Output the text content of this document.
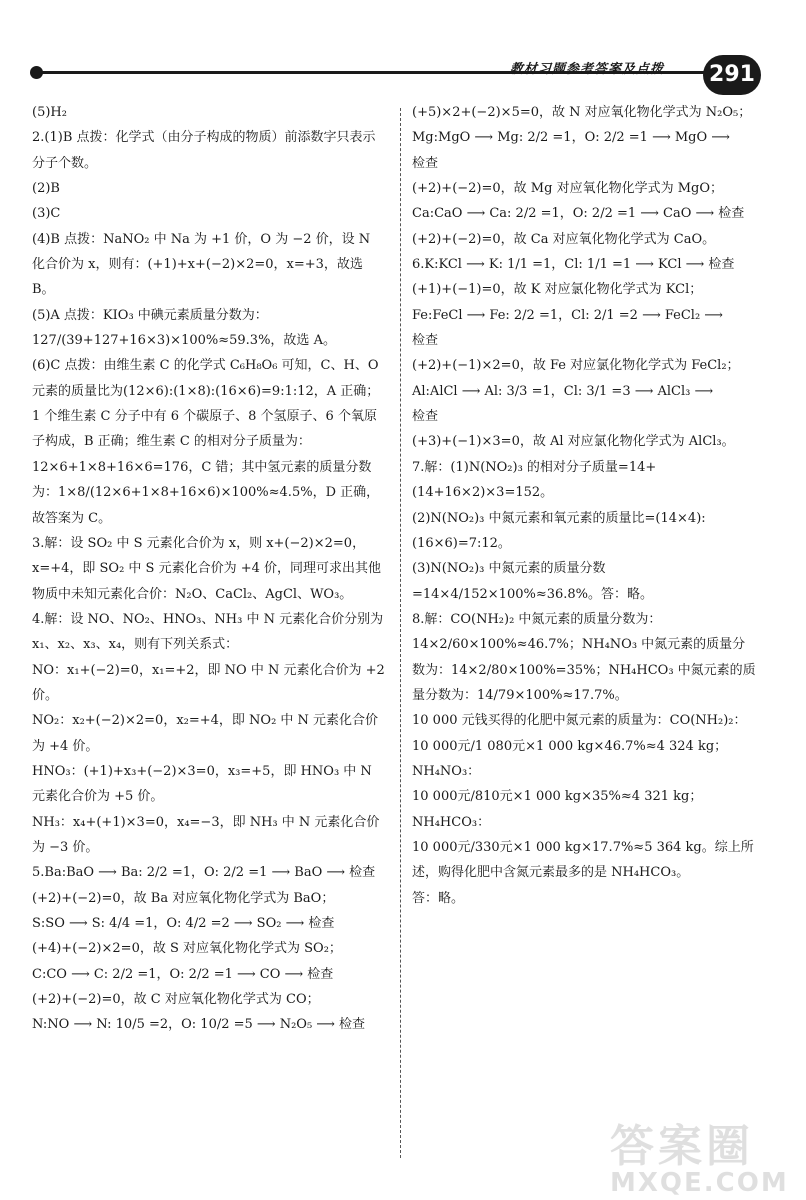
教材习题参考答案及点拨 291

(5)H₂

2.(1)B 点拨：化学式（由分子构成的物质）前添数字只表示分子个数。

(2)B

(3)C

(4)B 点拨：NaNO₂ 中 Na 为 +1 价，O 为 −2 价，设 N 化合价为 x，则有：(+1)+x+(−2)×2=0，x=+3，故选 B。

(5)A 点拨：KIO₃ 中碘元素质量分数为：127/(39+127+16×3)×100%≈59.3%，故选 A。

(6)C 点拨：由维生素 C 的化学式 C₆H₈O₆ 可知，C、H、O 元素的质量比为(12×6):(1×8):(16×6)=9:1:12，A 正确；1 个维生素 C 分子中有 6 个碳原子、8 个氢原子、6 个氧原子构成，B 正确；维生素 C 的相对分子质量为：12×6+1×8+16×6=176，C 错；其中氢元素的质量分数为：1×8/(12×6+1×8+16×6)×100%≈4.5%，D 正确，故答案为 C。

3.解：设 SO₂ 中 S 元素化合价为 x，则 x+(−2)×2=0，x=+4，即 SO₂ 中 S 元素化合价为 +4 价，同理可求出其他物质中未知元素化合价：N₂O、CaCl₂、AgCl、WO₃。

4.解：设 NO、NO₂、HNO₃、NH₃ 中 N 元素化合价分别为 x₁、x₂、x₃、x₄，则有下列关系式：

NO：x₁+(−2)=0，x₁=+2，即 NO 中 N 元素化合价为 +2 价。

NO₂：x₂+(−2)×2=0，x₂=+4，即 NO₂ 中 N 元素化合价为 +4 价。

HNO₃：(+1)+x₃+(−2)×3=0，x₃=+5，即 HNO₃ 中 N 元素化合价为 +5 价。

NH₃：x₄+(+1)×3=0，x₄=−3，即 NH₃ 中 N 元素化合价为 −3 价。

5.Ba:BaO ⟶ Ba: 2/2 =1，O: 2/2 =1 ⟶ BaO ⟶ 检查

(+2)+(−2)=0，故 Ba 对应氧化物化学式为 BaO；

S:SO ⟶ S: 4/4 =1，O: 4/2 =2 ⟶ SO₂ ⟶ 检查

(+4)+(−2)×2=0，故 S 对应氧化物化学式为 SO₂；

C:CO ⟶ C: 2/2 =1，O: 2/2 =1 ⟶ CO ⟶ 检查

(+2)+(−2)=0，故 C 对应氧化物化学式为 CO；

N:NO ⟶ N: 10/5 =2，O: 10/2 =5 ⟶ N₂O₅ ⟶ 检查

(+5)×2+(−2)×5=0，故 N 对应氧化物化学式为 N₂O₅；

Mg:MgO ⟶ Mg: 2/2 =1，O: 2/2 =1 ⟶ MgO ⟶

检查

(+2)+(−2)=0，故 Mg 对应氧化物化学式为 MgO；

Ca:CaO ⟶ Ca: 2/2 =1，O: 2/2 =1 ⟶ CaO ⟶ 检查

(+2)+(−2)=0，故 Ca 对应氧化物化学式为 CaO。

6.K:KCl ⟶ K: 1/1 =1，Cl: 1/1 =1 ⟶ KCl ⟶ 检查

(+1)+(−1)=0，故 K 对应氯化物化学式为 KCl；

Fe:FeCl ⟶ Fe: 2/2 =1，Cl: 2/1 =2 ⟶ FeCl₂ ⟶

检查

(+2)+(−1)×2=0，故 Fe 对应氯化物化学式为 FeCl₂；

Al:AlCl ⟶ Al: 3/3 =1，Cl: 3/1 =3 ⟶ AlCl₃ ⟶

检查

(+3)+(−1)×3=0，故 Al 对应氯化物化学式为 AlCl₃。

7.解：(1)N(NO₂)₃ 的相对分子质量=14+(14+16×2)×3=152。

(2)N(NO₂)₃ 中氮元素和氧元素的质量比=(14×4):(16×6)=7:12。

(3)N(NO₂)₃ 中氮元素的质量分数=14×4/152×100%≈36.8%。答：略。

8.解：CO(NH₂)₂ 中氮元素的质量分数为：14×2/60×100%≈46.7%；NH₄NO₃ 中氮元素的质量分数为：14×2/80×100%=35%；NH₄HCO₃ 中氮元素的质量分数为：14/79×100%≈17.7%。

10 000 元钱买得的化肥中氮元素的质量为：CO(NH₂)₂：

10 000元/1 080元×1 000 kg×46.7%≈4 324 kg；NH₄NO₃：

10 000元/810元×1 000 kg×35%≈4 321 kg；NH₄HCO₃：

10 000元/330元×1 000 kg×17.7%≈5 364 kg。综上所述，购得化肥中含氮元素最多的是 NH₄HCO₃。

答：略。

答案圈
MXQE.COM
